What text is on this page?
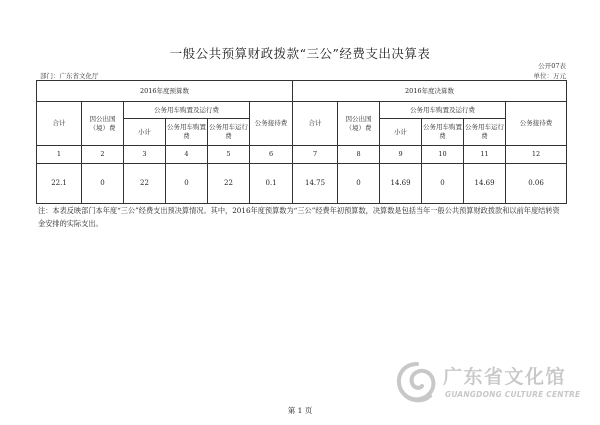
一般公共预算财政拨款“三公”经费支出决算表
公开07表
部门：广东省文化厅	单位：万元
2016年度预算数						2016年度决算数					
合计	因公出国（境）费	公务用车购置及运行费			公务接待费	合计	因公出国（境）费	公务用车购置及运行费			公务接待费
		小计	公务用车购置费	公务用车运行费				小计	公务用车购置费	公务用车运行费	
1	2	3	4	5	6	7	8	9	10	11	12
22.1	0	22	0	22	0.1	14.75	0	14.69	0	14.69	0.06
注：本表反映部门本年度“三公”经费支出预决算情况。其中，2016年度预算数为“三公”经费年初预算数，决算数是包括当年一般公共预算财政拨款和以前年度结转资金安排的实际支出。
广东省文化馆
GUANGDONG CULTURE CENTRE
第 1 页
